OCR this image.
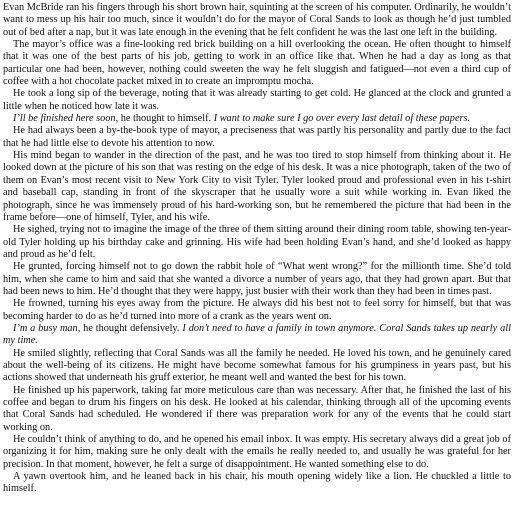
Evan McBride ran his fingers through his short brown hair, squinting at the screen of his computer. Ordinarily, he wouldn’t want to mess up his hair too much, since it wouldn’t do for the mayor of Coral Sands to look as though he’d just tumbled out of bed after a nap, but it was late enough in the evening that he felt confident he was the last one left in the building.

The mayor’s office was a fine-looking red brick building on a hill overlooking the ocean. He often thought to himself that it was one of the best parts of his job, getting to work in an office like that. When he had a day as long as that particular one had been, however, nothing could sweeten the way he felt sluggish and fatigued—not even a third cup of coffee with a hot chocolate packet mixed in to create an impromptu mocha.

He took a long sip of the beverage, noting that it was already starting to get cold. He glanced at the clock and grunted a little when he noticed how late it was.

I’ll be finished here soon, he thought to himself. I want to make sure I go over every last detail of these papers.

He had always been a by-the-book type of mayor, a preciseness that was partly his personality and partly due to the fact that he had little else to devote his attention to now.

His mind began to wander in the direction of the past, and he was too tired to stop himself from thinking about it. He looked down at the picture of his son that was resting on the edge of his desk. It was a nice photograph, taken of the two of them on Evan’s most recent visit to New York City to visit Tyler. Tyler looked proud and professional even in his t-shirt and baseball cap, standing in front of the skyscraper that he usually wore a suit while working in. Evan liked the photograph, since he was immensely proud of his hard-working son, but he remembered the picture that had been in the frame before—one of himself, Tyler, and his wife.

He sighed, trying not to imagine the image of the three of them sitting around their dining room table, showing ten-year-old Tyler holding up his birthday cake and grinning. His wife had been holding Evan’s hand, and she’d looked as happy and proud as he’d felt.

He grunted, forcing himself not to go down the rabbit hole of “What went wrong?” for the millionth time. She’d told him, when she came to him and said that she wanted a divorce a number of years ago, that they had grown apart. But that had been news to him. He’d thought that they were happy, just busier with their work than they had been in times past.

He frowned, turning his eyes away from the picture. He always did his best not to feel sorry for himself, but that was becoming harder to do as he’d turned into more of a crank as the years went on.

I’m a busy man, he thought defensively. I don’t need to have a family in town anymore. Coral Sands takes up nearly all my time.

He smiled slightly, reflecting that Coral Sands was all the family he needed. He loved his town, and he genuinely cared about the well-being of its citizens. He might have become somewhat famous for his grumpiness in years past, but his actions showed that underneath his gruff exterior, he meant well and wanted the best for his town.

He finished up his paperwork, taking far more meticulous care than was necessary. After that, he finished the last of his coffee and began to drum his fingers on his desk. He looked at his calendar, thinking through all of the upcoming events that Coral Sands had scheduled. He wondered if there was preparation work for any of the events that he could start working on.

He couldn’t think of anything to do, and he opened his email inbox. It was empty. His secretary always did a great job of organizing it for him, making sure he only dealt with the emails he really needed to, and usually he was grateful for her precision. In that moment, however, he felt a surge of disappointment. He wanted something else to do.

A yawn overtook him, and he leaned back in his chair, his mouth opening widely like a lion. He chuckled a little to himself.
